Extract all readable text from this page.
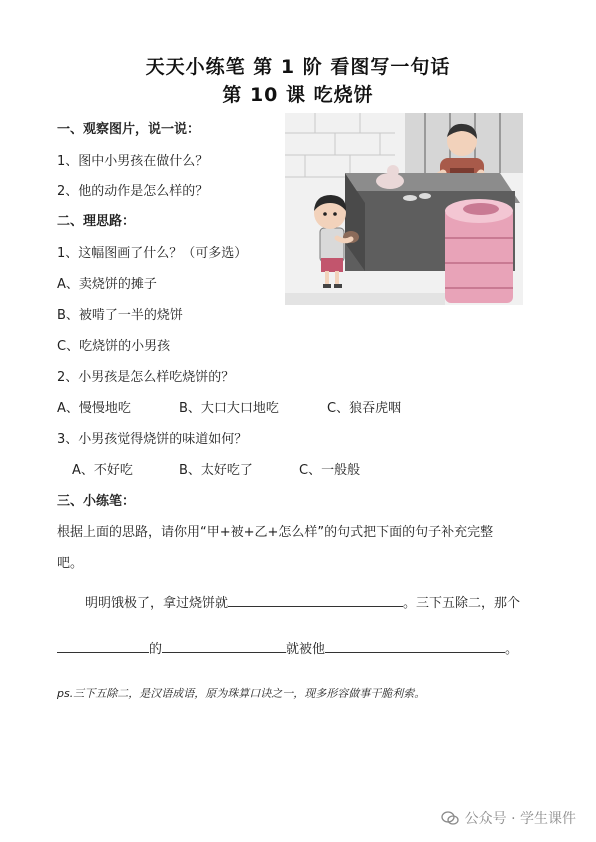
天天小练笔 第 1 阶 看图写一句话
第 10 课 吃烧饼
一、观察图片，说一说：
1、图中小男孩在做什么？
2、他的动作是怎么样的？
二、理思路：
1、这幅图画了什么？（可多选）
A、卖烧饼的摊子
B、被啃了一半的烧饼
C、吃烧饼的小男孩
2、小男孩是怎么样吃烧饼的？
A、慢慢地吃	B、大口大口地吃	C、狼吞虎咽
3、小男孩觉得烧饼的味道如何？
A、不好吃	B、太好吃了	C、一般般
三、小练笔：
根据上面的思路，请你用“甲+被+乙+怎么样”的句式把下面的句子补充完整
吧。
明明饿极了，拿过烧饼就	。三下五除二，那个
的	就被他	。
ps.三下五除二，是汉语成语，原为珠算口诀之一，现多形容做事干脆利索。
公众号 · 学生课件
